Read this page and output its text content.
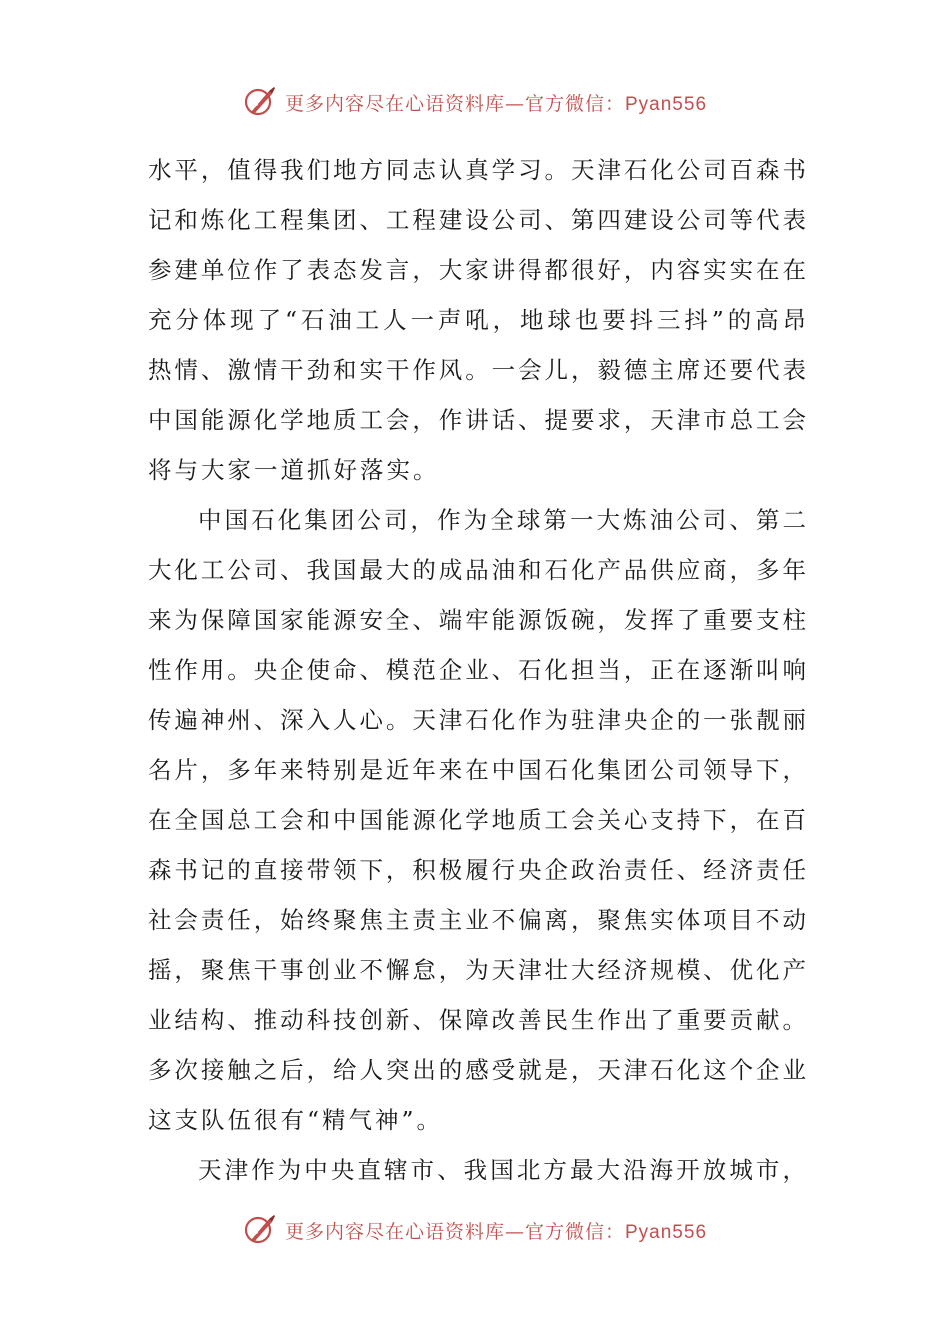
更多内容尽在心语资料库—官方微信：Pyan556
水平，值得我们地方同志认真学习。天津石化公司百森书
记和炼化工程集团、工程建设公司、第四建设公司等代表
参建单位作了表态发言，大家讲得都很好，内容实实在在
充分体现了“石油工人一声吼，地球也要抖三抖”的高昂
热情、激情干劲和实干作风。一会儿，毅德主席还要代表
中国能源化学地质工会，作讲话、提要求，天津市总工会
将与大家一道抓好落实。
中国石化集团公司，作为全球第一大炼油公司、第二
大化工公司、我国最大的成品油和石化产品供应商，多年
来为保障国家能源安全、端牢能源饭碗，发挥了重要支柱
性作用。央企使命、模范企业、石化担当，正在逐渐叫响
传遍神州、深入人心。天津石化作为驻津央企的一张靓丽
名片，多年来特别是近年来在中国石化集团公司领导下，
在全国总工会和中国能源化学地质工会关心支持下，在百
森书记的直接带领下，积极履行央企政治责任、经济责任
社会责任，始终聚焦主责主业不偏离，聚焦实体项目不动
摇，聚焦干事创业不懈怠，为天津壮大经济规模、优化产
业结构、推动科技创新、保障改善民生作出了重要贡献。
多次接触之后，给人突出的感受就是，天津石化这个企业
这支队伍很有“精气神”。
天津作为中央直辖市、我国北方最大沿海开放城市，
更多内容尽在心语资料库—官方微信：Pyan556
